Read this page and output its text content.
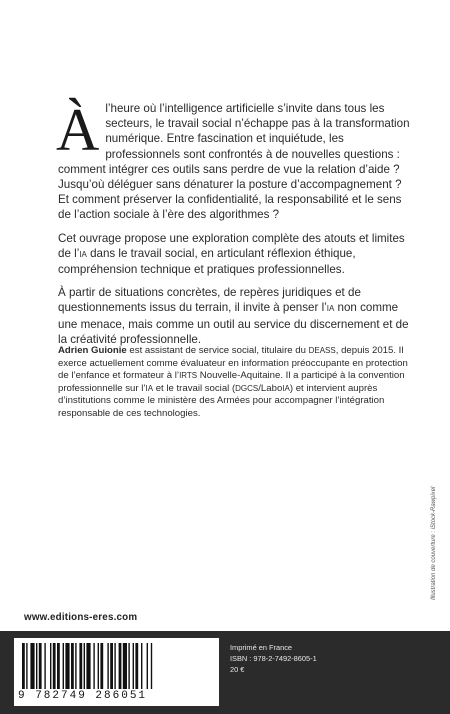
Àl’heure où l’intelligence artificielle s’invite dans tous les secteurs, le travail social n’échappe pas à la transformation numérique. Entre fascination et inquiétude, les professionnels sont confrontés à de nouvelles questions : comment intégrer ces outils sans perdre de vue la relation d’aide ? Jusqu’où déléguer sans dénaturer la posture d’accompagnement ? Et comment préserver la confidentialité, la responsabilité et le sens de l’action sociale à l’ère des algorithmes ?

Cet ouvrage propose une exploration complète des atouts et limites de l’IA dans le travail social, en articulant réflexion éthique, compréhension technique et pratiques professionnelles.

À partir de situations concrètes, de repères juridiques et de questionnements issus du terrain, il invite à penser l’IA non comme une menace, mais comme un outil au service du discernement et de la créativité professionnelle.

Adrien Guionie est assistant de service social, titulaire du DEASS, depuis 2015. Il exerce actuellement comme évaluateur en information préoccupante en protection de l’enfance et formateur à l’IRTS Nouvelle-Aquitaine. Il a participé à la convention professionnelle sur l’IA et le travail social (DGCS/LaboIA) et intervient auprès d’institutions comme le ministère des Armées pour accompagner l’intégration responsable de ces technologies.
Illustration de couverture : iStock-Rawpixel
www.editions-eres.com
9 782749 286051
Imprimé en France
ISBN : 978-2-7492-8605-1
20 €
